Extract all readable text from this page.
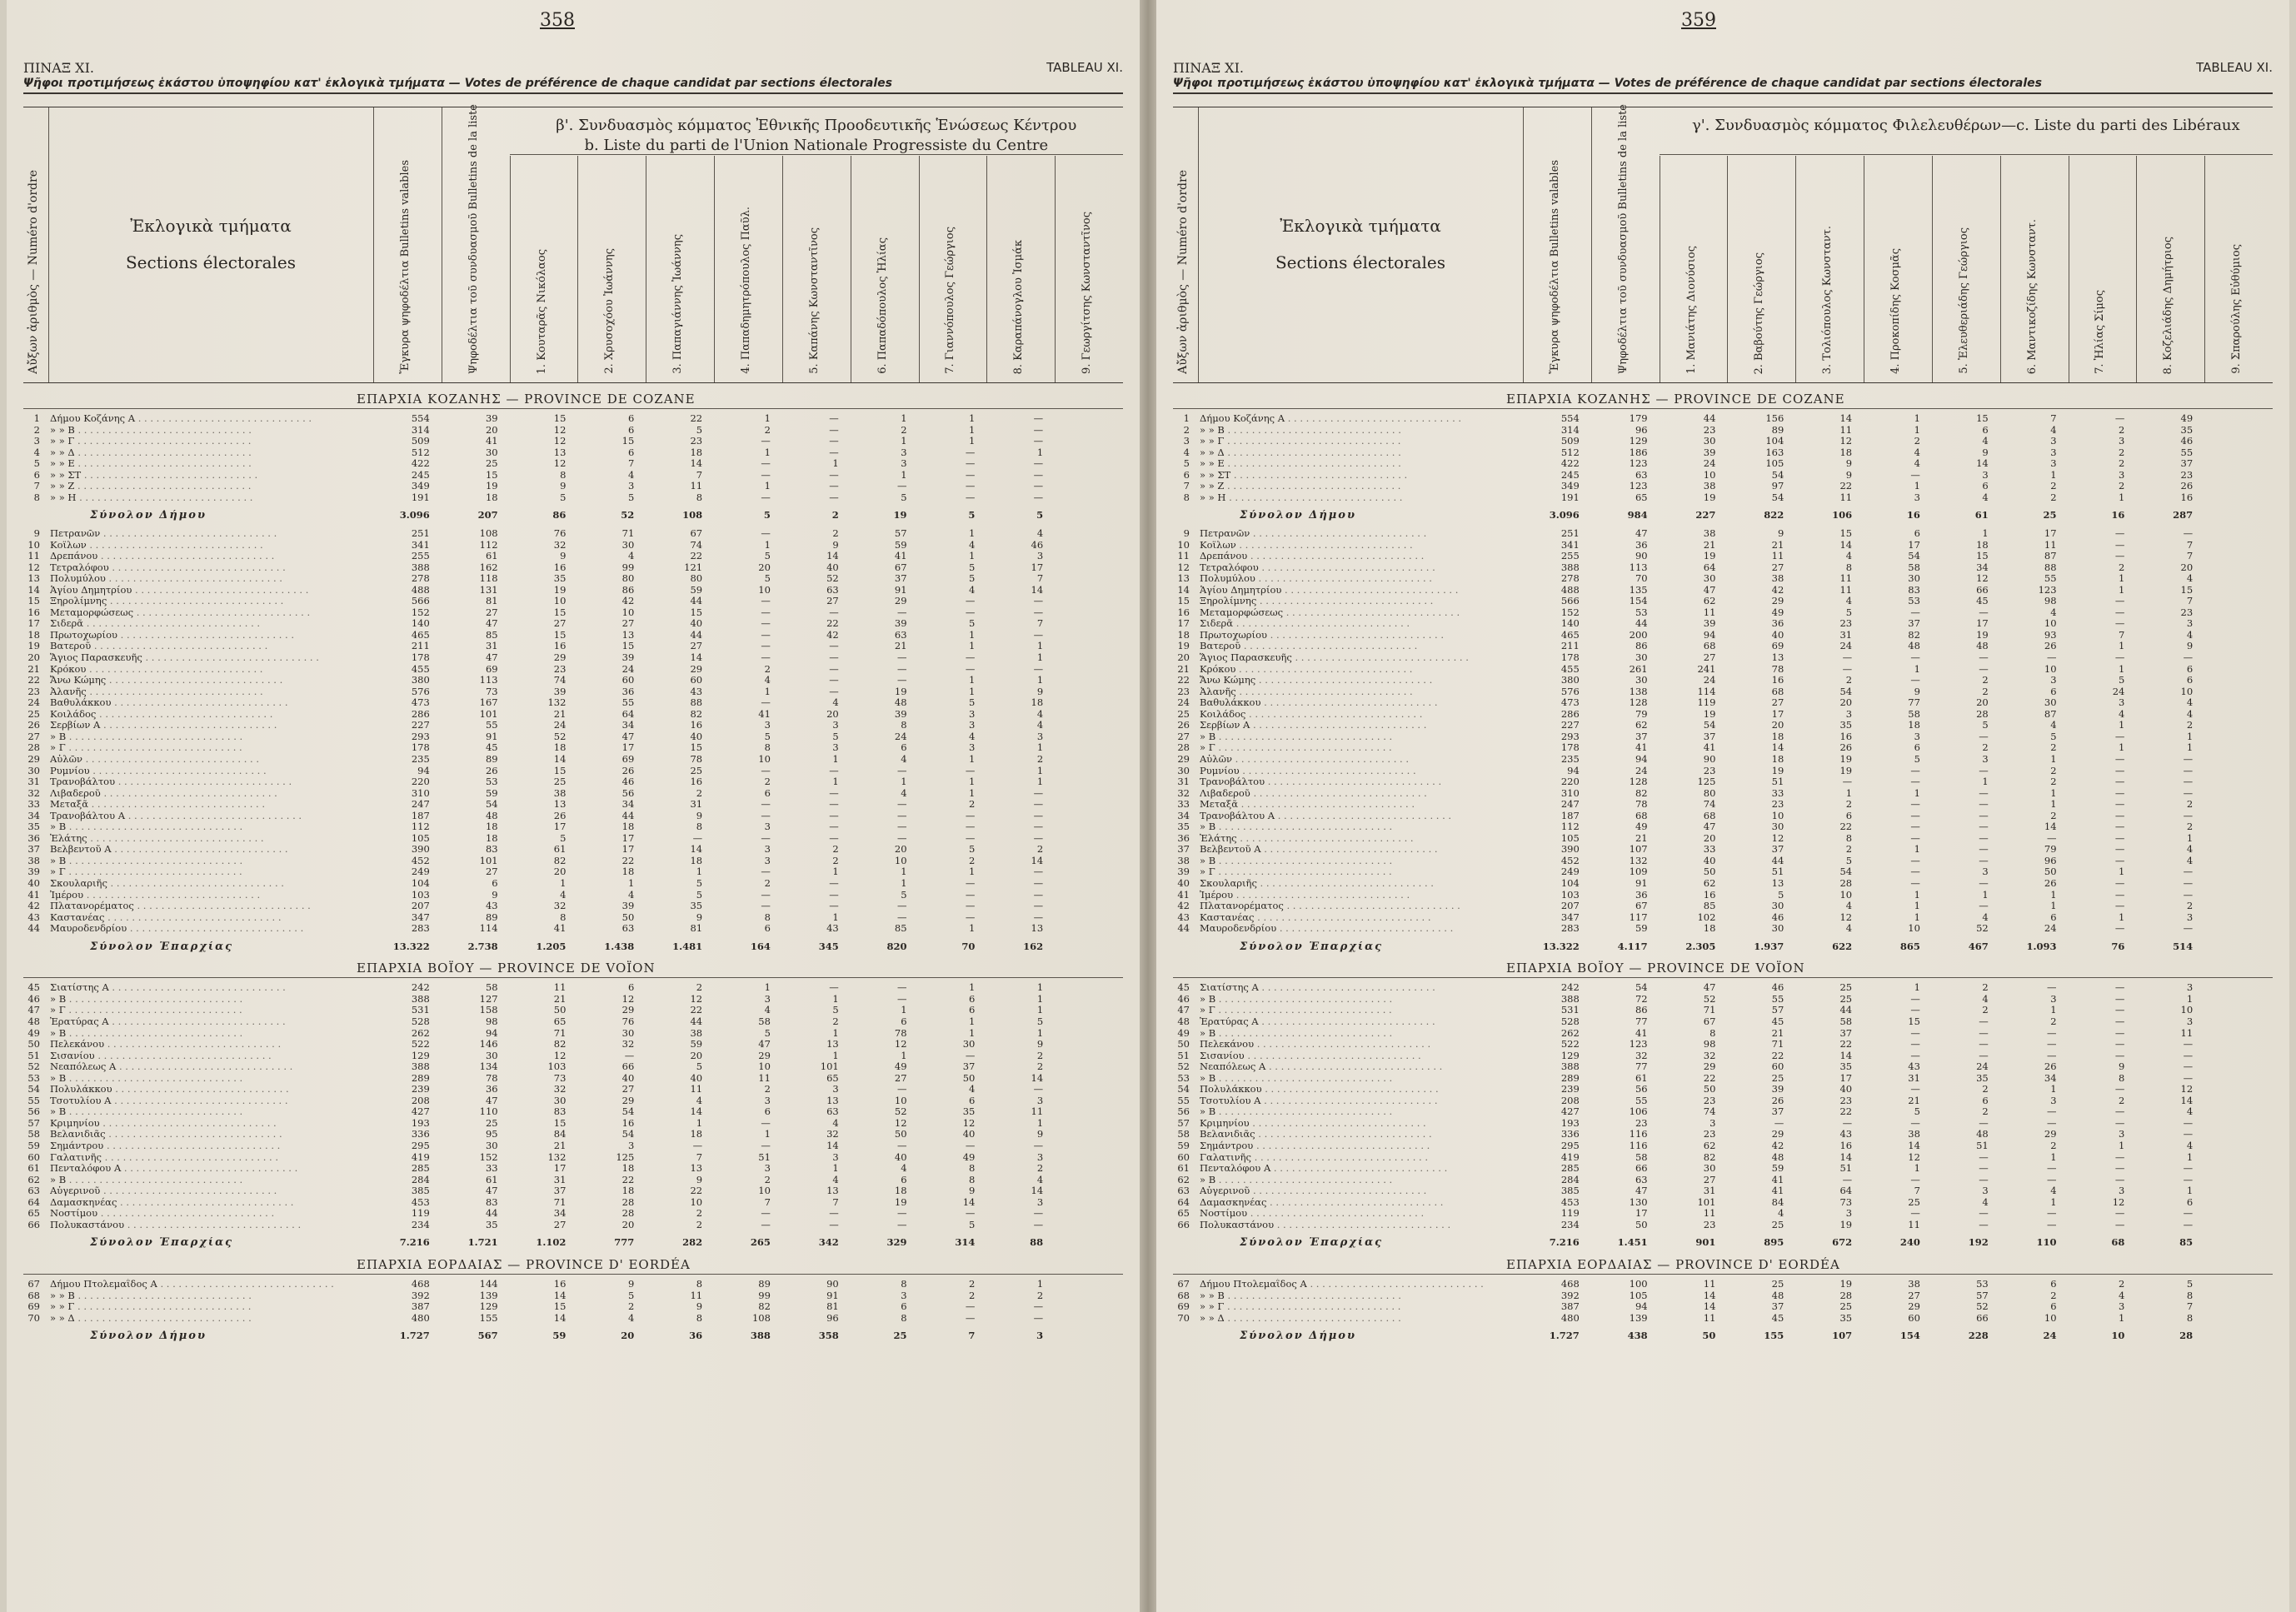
358
ΠΙΝΑΞ XI.	TABLEAU XI.
Ψῆφοι προτιμήσεως ἑκάστου ὑποψηφίου κατ' ἐκλογικὰ τμήματα — Votes de préférence de chaque candidat par sections électorales
Αὔξων ἀριθμὸς — Numéro d'ordre	Ἐκλογικὰ τμήματα
Sections électorales
β'. Συνδυασμὸς κόμματος Ἐθνικῆς Προοδευτικῆς Ἑνώσεως Κέντρου
b. Liste du parti de l'Union Nationale Progressiste du Centre
Ἔγκυρα ψηφοδέλτια Bulletins valables	Ψηφοδέλτια τοῦ συνδυασμοῦ Bulletins de la liste	1. Κουταρᾶς Νικόλαος	2. Χρυσοχόου Ἰωάννης	3. Παπαγιάννης Ἰωάννης	4. Παπαδημητρόπουλος Παῦλ.	5. Καπάνης Κωνσταντῖνος	6. Παπαδόπουλος Ἠλίας	7. Γιαννόπουλος Γεώργιος	8. Καραπάνογλου Ἰσμάκ	9. Γεωργίτσης Κωνσταντῖνος
ΕΠΑΡΧΙΑ ΚΟΖΑΝΗΣ — PROVINCE DE COZANE
1 Δήμου Κοζάνης Α . . . . . . . . . . . . . . . . . . . . . . . . . . . . .	554	39	15	6	22	1	—	1	1	—
2 » » Β . . . . . . . . . . . . . . . . . . . . . . . . . . . . .	314	20	12	6	5	2	—	2	1	—
3 » » Γ . . . . . . . . . . . . . . . . . . . . . . . . . . . . .	509	41	12	15	23	—	—	1	1	—
4 » » Δ . . . . . . . . . . . . . . . . . . . . . . . . . . . . .	512	30	13	6	18	1	—	3	—	1
5 » » Ε . . . . . . . . . . . . . . . . . . . . . . . . . . . . .	422	25	12	7	14	—	1	3	—	—
6 » » ΣΤ . . . . . . . . . . . . . . . . . . . . . . . . . . . . .	245	15	8	4	7	—	—	1	—	—
7 » » Ζ . . . . . . . . . . . . . . . . . . . . . . . . . . . . .	349	19	9	3	11	1	—	—	—	—
8 » » Η . . . . . . . . . . . . . . . . . . . . . . . . . . . . .	191	18	5	5	8	—	—	5	—	—
Σύνολον Δήμου	3.096	207	86	52	108	5	2	19	5	5
9 Πετρανῶν . . . . . . . . . . . . . . . . . . . . . . . . . . . . .	251	108	76	71	67	—	2	57	1	4
10 Κοϊλων . . . . . . . . . . . . . . . . . . . . . . . . . . . . .	341	112	32	30	74	1	9	59	4	46
11 Δρεπάνου . . . . . . . . . . . . . . . . . . . . . . . . . . . . .	255	61	9	4	22	5	14	41	1	3
12 Τετραλόφου . . . . . . . . . . . . . . . . . . . . . . . . . . . . .	388	162	16	99	121	20	40	67	5	17
13 Πολυμύλου . . . . . . . . . . . . . . . . . . . . . . . . . . . . .	278	118	35	80	80	5	52	37	5	7
14 Ἁγίου Δημητρίου . . . . . . . . . . . . . . . . . . . . . . . . . . . . .	488	131	19	86	59	10	63	91	4	14
15 Ξηρολίμνης . . . . . . . . . . . . . . . . . . . . . . . . . . . . .	566	81	10	42	44	—	27	29	—	—
16 Μεταμορφώσεως . . . . . . . . . . . . . . . . . . . . . . . . . . . . .	152	27	15	10	15	—	—	—	—	—
17 Σιδερᾶ . . . . . . . . . . . . . . . . . . . . . . . . . . . . .	140	47	27	27	40	—	22	39	5	7
18 Πρωτοχωρίου . . . . . . . . . . . . . . . . . . . . . . . . . . . . .	465	85	15	13	44	—	42	63	1	—
19 Βατεροῦ . . . . . . . . . . . . . . . . . . . . . . . . . . . . .	211	31	16	15	27	—	—	21	1	1
20 Ἅγιος Παρασκευῆς . . . . . . . . . . . . . . . . . . . . . . . . . . . . .	178	47	29	39	14	—	—	—	—	1
21 Κρόκου . . . . . . . . . . . . . . . . . . . . . . . . . . . . .	455	69	23	24	29	2	—	—	—	—
22 Ἄνω Κώμης . . . . . . . . . . . . . . . . . . . . . . . . . . . . .	380	113	74	60	60	4	—	—	1	1
23 Ἀλανῆς . . . . . . . . . . . . . . . . . . . . . . . . . . . . .	576	73	39	36	43	1	—	19	1	9
24 Βαθυλάκκου . . . . . . . . . . . . . . . . . . . . . . . . . . . . .	473	167	132	55	88	—	4	48	5	18
25 Κοιλάδος . . . . . . . . . . . . . . . . . . . . . . . . . . . . .	286	101	21	64	82	41	20	39	3	4
26 Σερβίων Α . . . . . . . . . . . . . . . . . . . . . . . . . . . . .	227	55	24	34	16	3	3	8	3	4
27 » Β . . . . . . . . . . . . . . . . . . . . . . . . . . . . .	293	91	52	47	40	5	5	24	4	3
28 » Γ . . . . . . . . . . . . . . . . . . . . . . . . . . . . .	178	45	18	17	15	8	3	6	3	1
29 Αὐλῶν . . . . . . . . . . . . . . . . . . . . . . . . . . . . .	235	89	14	69	78	10	1	4	1	2
30 Ρυμνίου . . . . . . . . . . . . . . . . . . . . . . . . . . . . .	94	26	15	26	25	—	—	—	—	1
31 Τρανοβάλτου . . . . . . . . . . . . . . . . . . . . . . . . . . . . .	220	53	25	46	16	2	1	1	1	1
32 Λιβαδεροῦ . . . . . . . . . . . . . . . . . . . . . . . . . . . . .	310	59	38	56	2	6	—	4	1	—
33 Μεταξᾶ . . . . . . . . . . . . . . . . . . . . . . . . . . . . .	247	54	13	34	31	—	—	—	2	—
34 Τρανοβάλτου Α . . . . . . . . . . . . . . . . . . . . . . . . . . . . .	187	48	26	44	9	—	—	—	—	—
35 » Β . . . . . . . . . . . . . . . . . . . . . . . . . . . . .	112	18	17	18	8	3	—	—	—	—
36 Ἐλάτης . . . . . . . . . . . . . . . . . . . . . . . . . . . . .	105	18	5	17	—	—	—	—	—	—
37 Βελβεντοῦ Α . . . . . . . . . . . . . . . . . . . . . . . . . . . . .	390	83	61	17	14	3	2	20	5	2
38 » Β . . . . . . . . . . . . . . . . . . . . . . . . . . . . .	452	101	82	22	18	3	2	10	2	14
39 » Γ . . . . . . . . . . . . . . . . . . . . . . . . . . . . .	249	27	20	18	1	—	1	1	1	—
40 Σκουλαριῆς . . . . . . . . . . . . . . . . . . . . . . . . . . . . .	104	6	1	1	5	2	—	1	—	—
41 Ἰμέρου . . . . . . . . . . . . . . . . . . . . . . . . . . . . .	103	9	4	4	5	—	—	5	—	—
42 Πλατανορέματος . . . . . . . . . . . . . . . . . . . . . . . . . . . . .	207	43	32	39	35	—	—	—	—	—
43 Καστανέας . . . . . . . . . . . . . . . . . . . . . . . . . . . . .	347	89	8	50	9	8	1	—	—	—
44 Μαυροδενδρίου . . . . . . . . . . . . . . . . . . . . . . . . . . . . .	283	114	41	63	81	6	43	85	1	13
Σύνολον Ἐπαρχίας	13.322	2.738	1.205	1.438	1.481	164	345	820	70	162
ΕΠΑΡΧΙΑ ΒΟΪΟΥ — PROVINCE DE VOÏON
45 Σιατίστης Α . . . . . . . . . . . . . . . . . . . . . . . . . . . . .	242	58	11	6	2	1	—	—	1	1
46 » Β . . . . . . . . . . . . . . . . . . . . . . . . . . . . .	388	127	21	12	12	3	1	—	6	1
47 » Γ . . . . . . . . . . . . . . . . . . . . . . . . . . . . .	531	158	50	29	22	4	5	1	6	1
48 Ἐρατύρας Α . . . . . . . . . . . . . . . . . . . . . . . . . . . . .	528	98	65	76	44	58	2	6	1	5
49 » Β . . . . . . . . . . . . . . . . . . . . . . . . . . . . .	262	94	71	30	38	5	1	78	1	1
50 Πελεκάνου . . . . . . . . . . . . . . . . . . . . . . . . . . . . .	522	146	82	32	59	47	13	12	30	9
51 Σισανίου . . . . . . . . . . . . . . . . . . . . . . . . . . . . .	129	30	12	—	20	29	1	1	—	2
52 Νεαπόλεως Α . . . . . . . . . . . . . . . . . . . . . . . . . . . . .	388	134	103	66	5	10	101	49	37	2
53 » Β . . . . . . . . . . . . . . . . . . . . . . . . . . . . .	289	78	73	40	40	11	65	27	50	14
54 Πολυλάκκου . . . . . . . . . . . . . . . . . . . . . . . . . . . . .	239	36	32	27	11	2	3	—	4	—
55 Τσοτυλίου Α . . . . . . . . . . . . . . . . . . . . . . . . . . . . .	208	47	30	29	4	3	13	10	6	3
56 » Β . . . . . . . . . . . . . . . . . . . . . . . . . . . . .	427	110	83	54	14	6	63	52	35	11
57 Κριμηνίου . . . . . . . . . . . . . . . . . . . . . . . . . . . . .	193	25	15	16	1	—	4	12	12	1
58 Βελανιδιᾶς . . . . . . . . . . . . . . . . . . . . . . . . . . . . .	336	95	84	54	18	1	32	50	40	9
59 Σημάντρου . . . . . . . . . . . . . . . . . . . . . . . . . . . . .	295	30	21	3	—	—	14	—	—	—
60 Γαλατινῆς . . . . . . . . . . . . . . . . . . . . . . . . . . . . .	419	152	132	125	7	51	3	40	49	3
61 Πενταλόφου Α . . . . . . . . . . . . . . . . . . . . . . . . . . . . .	285	33	17	18	13	3	1	4	8	2
62 » Β . . . . . . . . . . . . . . . . . . . . . . . . . . . . .	284	61	31	22	9	2	4	6	8	4
63 Αὐγερινοῦ . . . . . . . . . . . . . . . . . . . . . . . . . . . . .	385	47	37	18	22	10	13	18	9	14
64 Δαμασκηνέας . . . . . . . . . . . . . . . . . . . . . . . . . . . . .	453	83	71	28	10	7	7	19	14	3
65 Νοστίμου . . . . . . . . . . . . . . . . . . . . . . . . . . . . .	119	44	34	28	2	—	—	—	—	—
66 Πολυκαστάνου . . . . . . . . . . . . . . . . . . . . . . . . . . . . .	234	35	27	20	2	—	—	—	5	—
Σύνολον Ἐπαρχίας	7.216	1.721	1.102	777	282	265	342	329	314	88
ΕΠΑΡΧΙΑ ΕΟΡΔΑΙΑΣ — PROVINCE D' EORDÉA
67 Δήμου Πτολεμαΐδος Α . . . . . . . . . . . . . . . . . . . . . . . . . . . . .	468	144	16	9	8	89	90	8	2	1
68 » » Β . . . . . . . . . . . . . . . . . . . . . . . . . . . . .	392	139	14	5	11	99	91	3	2	2
69 » » Γ . . . . . . . . . . . . . . . . . . . . . . . . . . . . .	387	129	15	2	9	82	81	6	—	—
70 » » Δ . . . . . . . . . . . . . . . . . . . . . . . . . . . . .	480	155	14	4	8	108	96	8	—	—
Σύνολον Δήμου	1.727	567	59	20	36	388	358	25	7	3
359
ΠΙΝΑΞ XI.	TABLEAU XI.
Ψῆφοι προτιμήσεως ἑκάστου ὑποψηφίου κατ' ἐκλογικὰ τμήματα — Votes de préférence de chaque candidat par sections électorales
Αὔξων ἀριθμὸς — Numéro d'ordre	Ἐκλογικὰ τμήματα
Sections électorales
γ'. Συνδυασμὸς κόμματος Φιλελευθέρων—c. Liste du parti des Libéraux
Ἔγκυρα ψηφοδέλτια Bulletins valables	Ψηφοδέλτια τοῦ συνδυασμοῦ Bulletins de la liste	1. Μανιάτης Διονύσιος	2. Βαβούτης Γεώργιος	3. Τολιόπουλος Κωνσταντ.	4. Προκοπίδης Κοσμᾶς	5. Ἐλευθεριάδης Γεώργιος	6. Μαντικοζίδης Κωνσταντ.	7. Ἠλίας Σίμος	8. Κοζελιάδης Δημήτριος	9. Σπαρούλης Εὐθύμιος
ΕΠΑΡΧΙΑ ΚΟΖΑΝΗΣ — PROVINCE DE COZANE
1 Δήμου Κοζάνης Α . . . . . . . . . . . . . . . . . . . . . . . . . . . . .	554	179	44	156	14	1	15	7	—	49
2 » » Β . . . . . . . . . . . . . . . . . . . . . . . . . . . . .	314	96	23	89	11	1	6	4	2	35
3 » » Γ . . . . . . . . . . . . . . . . . . . . . . . . . . . . .	509	129	30	104	12	2	4	3	3	46
4 » » Δ . . . . . . . . . . . . . . . . . . . . . . . . . . . . .	512	186	39	163	18	4	9	3	2	55
5 » » Ε . . . . . . . . . . . . . . . . . . . . . . . . . . . . .	422	123	24	105	9	4	14	3	2	37
6 » » ΣΤ . . . . . . . . . . . . . . . . . . . . . . . . . . . . .	245	63	10	54	9	—	3	1	3	23
7 » » Ζ . . . . . . . . . . . . . . . . . . . . . . . . . . . . .	349	123	38	97	22	1	6	2	2	26
8 » » Η . . . . . . . . . . . . . . . . . . . . . . . . . . . . .	191	65	19	54	11	3	4	2	1	16
Σύνολον Δήμου	3.096	984	227	822	106	16	61	25	16	287
9 Πετρανῶν . . . . . . . . . . . . . . . . . . . . . . . . . . . . .	251	47	38	9	15	6	1	17	—	—
10 Κοϊλων . . . . . . . . . . . . . . . . . . . . . . . . . . . . .	341	36	21	21	14	17	18	11	—	7
11 Δρεπάνου . . . . . . . . . . . . . . . . . . . . . . . . . . . . .	255	90	19	11	4	54	15	87	—	7
12 Τετραλόφου . . . . . . . . . . . . . . . . . . . . . . . . . . . . .	388	113	64	27	8	58	34	88	2	20
13 Πολυμύλου . . . . . . . . . . . . . . . . . . . . . . . . . . . . .	278	70	30	38	11	30	12	55	1	4
14 Ἁγίου Δημητρίου . . . . . . . . . . . . . . . . . . . . . . . . . . . . .	488	135	47	42	11	83	66	123	1	15
15 Ξηρολίμνης . . . . . . . . . . . . . . . . . . . . . . . . . . . . .	566	154	62	29	4	53	45	98	—	7
16 Μεταμορφώσεως . . . . . . . . . . . . . . . . . . . . . . . . . . . . .	152	53	11	49	5	—	—	4	—	23
17 Σιδερᾶ . . . . . . . . . . . . . . . . . . . . . . . . . . . . .	140	44	39	36	23	37	17	10	—	3
18 Πρωτοχωρίου . . . . . . . . . . . . . . . . . . . . . . . . . . . . .	465	200	94	40	31	82	19	93	7	4
19 Βατεροῦ . . . . . . . . . . . . . . . . . . . . . . . . . . . . .	211	86	68	69	24	48	48	26	1	9
20 Ἅγιος Παρασκευῆς . . . . . . . . . . . . . . . . . . . . . . . . . . . . .	178	30	27	13	—	—	—	—	—	—
21 Κρόκου . . . . . . . . . . . . . . . . . . . . . . . . . . . . .	455	261	241	78	—	1	—	10	1	6
22 Ἄνω Κώμης . . . . . . . . . . . . . . . . . . . . . . . . . . . . .	380	30	24	16	2	—	2	3	5	6
23 Ἀλανῆς . . . . . . . . . . . . . . . . . . . . . . . . . . . . .	576	138	114	68	54	9	2	6	24	10
24 Βαθυλάκκου . . . . . . . . . . . . . . . . . . . . . . . . . . . . .	473	128	119	27	20	77	20	30	3	4
25 Κοιλάδος . . . . . . . . . . . . . . . . . . . . . . . . . . . . .	286	79	19	17	3	58	28	87	4	4
26 Σερβίων Α . . . . . . . . . . . . . . . . . . . . . . . . . . . . .	227	62	54	20	35	18	5	4	1	2
27 » Β . . . . . . . . . . . . . . . . . . . . . . . . . . . . .	293	37	37	18	16	3	—	5	—	1
28 » Γ . . . . . . . . . . . . . . . . . . . . . . . . . . . . .	178	41	41	14	26	6	2	2	1	1
29 Αὐλῶν . . . . . . . . . . . . . . . . . . . . . . . . . . . . .	235	94	90	18	19	5	3	1	—	—
30 Ρυμνίου . . . . . . . . . . . . . . . . . . . . . . . . . . . . .	94	24	23	19	19	—	—	2	—	—
31 Τρανοβάλτου . . . . . . . . . . . . . . . . . . . . . . . . . . . . .	220	128	125	51	—	—	1	2	—	—
32 Λιβαδεροῦ . . . . . . . . . . . . . . . . . . . . . . . . . . . . .	310	82	80	33	1	1	—	1	—	—
33 Μεταξᾶ . . . . . . . . . . . . . . . . . . . . . . . . . . . . .	247	78	74	23	2	—	—	1	—	2
34 Τρανοβάλτου Α . . . . . . . . . . . . . . . . . . . . . . . . . . . . .	187	68	68	10	6	—	—	2	—	—
35 » Β . . . . . . . . . . . . . . . . . . . . . . . . . . . . .	112	49	47	30	22	—	—	14	—	2
36 Ἐλάτης . . . . . . . . . . . . . . . . . . . . . . . . . . . . .	105	21	20	12	8	—	—	—	—	1
37 Βελβεντοῦ Α . . . . . . . . . . . . . . . . . . . . . . . . . . . . .	390	107	33	37	2	1	—	79	—	4
38 » Β . . . . . . . . . . . . . . . . . . . . . . . . . . . . .	452	132	40	44	5	—	—	96	—	4
39 » Γ . . . . . . . . . . . . . . . . . . . . . . . . . . . . .	249	109	50	51	54	—	3	50	1	—
40 Σκουλαριῆς . . . . . . . . . . . . . . . . . . . . . . . . . . . . .	104	91	62	13	28	—	—	26	—	—
41 Ἰμέρου . . . . . . . . . . . . . . . . . . . . . . . . . . . . .	103	36	16	5	10	1	1	1	—	—
42 Πλατανορέματος . . . . . . . . . . . . . . . . . . . . . . . . . . . . .	207	67	85	30	4	1	—	1	—	2
43 Καστανέας . . . . . . . . . . . . . . . . . . . . . . . . . . . . .	347	117	102	46	12	1	4	6	1	3
44 Μαυροδενδρίου . . . . . . . . . . . . . . . . . . . . . . . . . . . . .	283	59	18	30	4	10	52	24	—	—
Σύνολον Ἐπαρχίας	13.322	4.117	2.305	1.937	622	865	467	1.093	76	514
ΕΠΑΡΧΙΑ ΒΟΪΟΥ — PROVINCE DE VOÏON
45 Σιατίστης Α . . . . . . . . . . . . . . . . . . . . . . . . . . . . .	242	54	47	46	25	1	2	—	—	3
46 » Β . . . . . . . . . . . . . . . . . . . . . . . . . . . . .	388	72	52	55	25	—	4	3	—	1
47 » Γ . . . . . . . . . . . . . . . . . . . . . . . . . . . . .	531	86	71	57	44	—	2	1	—	10
48 Ἐρατύρας Α . . . . . . . . . . . . . . . . . . . . . . . . . . . . .	528	77	67	45	58	15	—	2	—	3
49 » Β . . . . . . . . . . . . . . . . . . . . . . . . . . . . .	262	41	8	21	37	—	—	—	—	11
50 Πελεκάνου . . . . . . . . . . . . . . . . . . . . . . . . . . . . .	522	123	98	71	22	—	—	—	—	—
51 Σισανίου . . . . . . . . . . . . . . . . . . . . . . . . . . . . .	129	32	32	22	14	—	—	—	—	—
52 Νεαπόλεως Α . . . . . . . . . . . . . . . . . . . . . . . . . . . . .	388	77	29	60	35	43	24	26	9	—
53 » Β . . . . . . . . . . . . . . . . . . . . . . . . . . . . .	289	61	22	25	17	31	35	34	8	—
54 Πολυλάκκου . . . . . . . . . . . . . . . . . . . . . . . . . . . . .	239	56	50	39	40	—	2	1	—	12
55 Τσοτυλίου Α . . . . . . . . . . . . . . . . . . . . . . . . . . . . .	208	55	23	26	23	21	6	3	2	14
56 » Β . . . . . . . . . . . . . . . . . . . . . . . . . . . . .	427	106	74	37	22	5	2	—	—	4
57 Κριμηνίου . . . . . . . . . . . . . . . . . . . . . . . . . . . . .	193	23	3	—	—	—	—	—	—	—
58 Βελανιδιᾶς . . . . . . . . . . . . . . . . . . . . . . . . . . . . .	336	116	23	29	43	38	48	29	3	—
59 Σημάντρου . . . . . . . . . . . . . . . . . . . . . . . . . . . . .	295	116	62	42	16	14	51	2	1	4
60 Γαλατινῆς . . . . . . . . . . . . . . . . . . . . . . . . . . . . .	419	58	82	48	14	12	—	1	—	1
61 Πενταλόφου Α . . . . . . . . . . . . . . . . . . . . . . . . . . . . .	285	66	30	59	51	1	—	—	—	—
62 » Β . . . . . . . . . . . . . . . . . . . . . . . . . . . . .	284	63	27	41	—	—	—	—	—	—
63 Αὐγερινοῦ . . . . . . . . . . . . . . . . . . . . . . . . . . . . .	385	47	31	41	64	7	3	4	3	1
64 Δαμασκηνέας . . . . . . . . . . . . . . . . . . . . . . . . . . . . .	453	130	101	84	73	25	4	1	12	6
65 Νοστίμου . . . . . . . . . . . . . . . . . . . . . . . . . . . . .	119	17	11	4	3	—	—	—	—	—
66 Πολυκαστάνου . . . . . . . . . . . . . . . . . . . . . . . . . . . . .	234	50	23	25	19	11	—	—	—	—
Σύνολον Ἐπαρχίας	7.216	1.451	901	895	672	240	192	110	68	85
ΕΠΑΡΧΙΑ ΕΟΡΔΑΙΑΣ — PROVINCE D' EORDÉA
67 Δήμου Πτολεμαΐδος Α . . . . . . . . . . . . . . . . . . . . . . . . . . . . .	468	100	11	25	19	38	53	6	2	5
68 » » Β . . . . . . . . . . . . . . . . . . . . . . . . . . . . .	392	105	14	48	28	27	57	2	4	8
69 » » Γ . . . . . . . . . . . . . . . . . . . . . . . . . . . . .	387	94	14	37	25	29	52	6	3	7
70 » » Δ . . . . . . . . . . . . . . . . . . . . . . . . . . . . .	480	139	11	45	35	60	66	10	1	8
Σύνολον Δήμου	1.727	438	50	155	107	154	228	24	10	28
